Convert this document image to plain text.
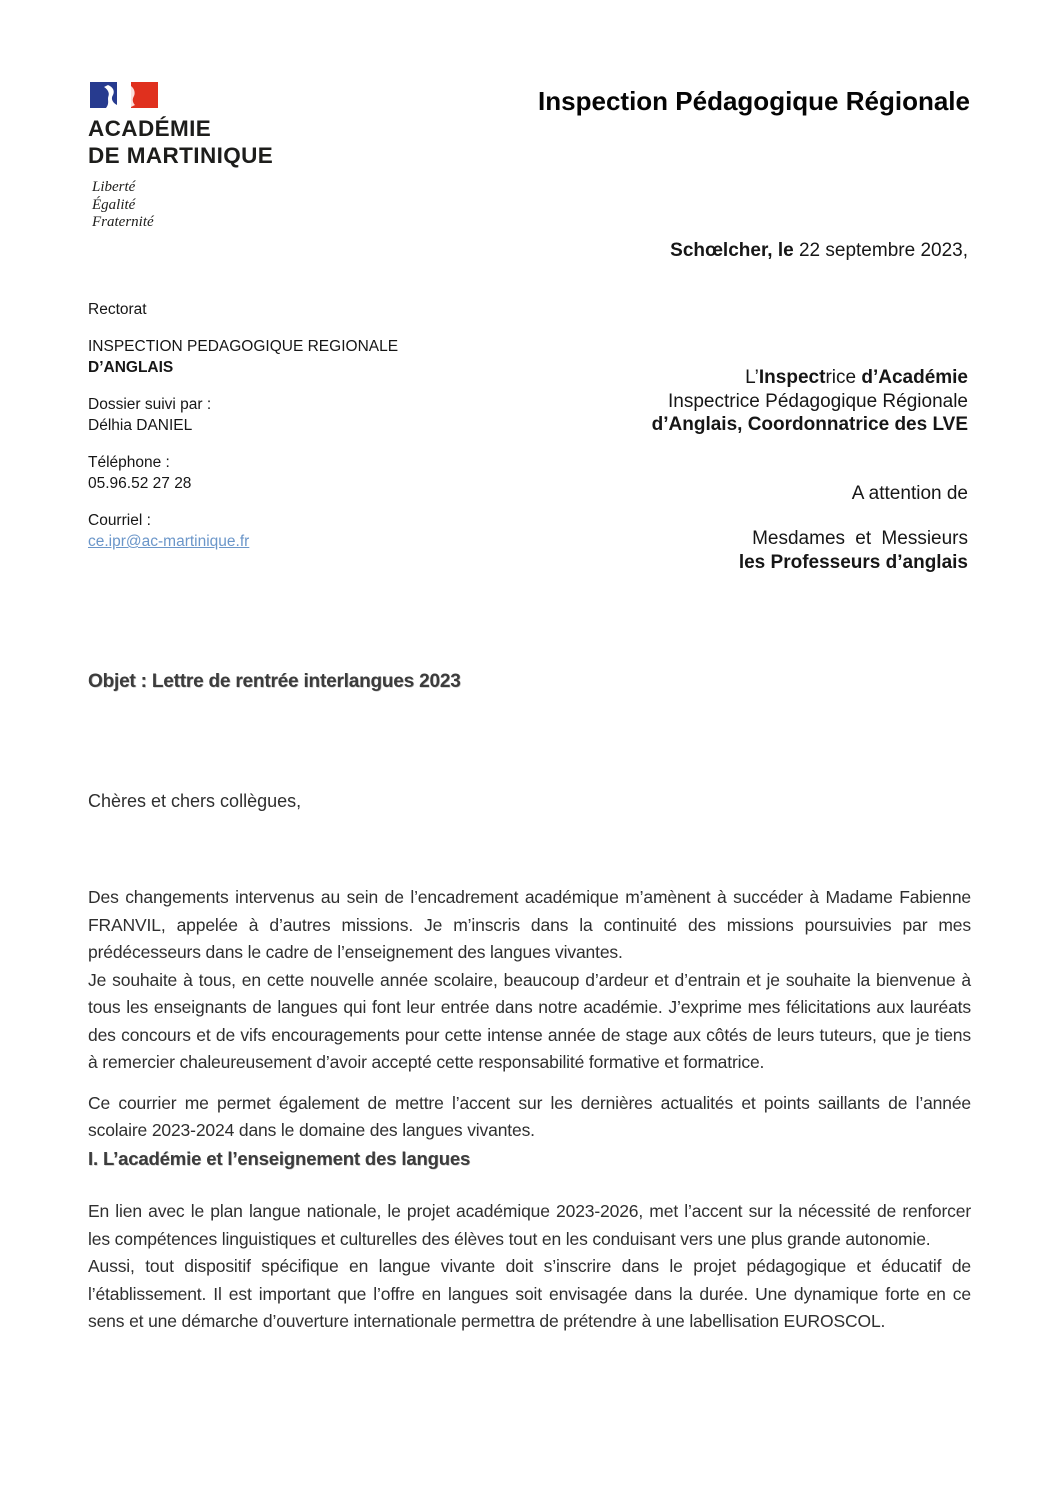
ACADÉMIE
DE MARTINIQUE
Liberté
Égalité
Fraternité
Inspection Pédagogique Régionale
Schœlcher, le 22 septembre 2023,
Rectorat
INSPECTION PEDAGOGIQUE REGIONALE
D’ANGLAIS
Dossier suivi par :
Délhia DANIEL
Téléphone :
05.96.52 27 28
Courriel :
ce.ipr@ac-martinique.fr
L’Inspectrice d’Académie
Inspectrice Pédagogique Régionale
d’Anglais, Coordonnatrice des LVE
A attention de
Mesdames et Messieurs
les Professeurs d’anglais
Objet : Lettre de rentrée interlangues 2023
Chères et chers collègues,

Des changements intervenus au sein de l’encadrement académique m’amènent à succéder à Madame Fabienne FRANVIL, appelée à d’autres missions. Je m’inscris dans la continuité des missions poursuivies par mes prédécesseurs dans le cadre de l’enseignement des langues vivantes.

Je souhaite à tous, en cette nouvelle année scolaire, beaucoup d’ardeur et d’entrain et je souhaite la bienvenue à tous les enseignants de langues qui font leur entrée dans notre académie. J’exprime mes félicitations aux lauréats des concours et de vifs encouragements pour cette intense année de stage aux côtés de leurs tuteurs, que je tiens à remercier chaleureusement d’avoir accepté cette responsabilité formative et formatrice.

Ce courrier me permet également de mettre l’accent sur les dernières actualités et points saillants de l’année scolaire 2023-2024 dans le domaine des langues vivantes.

I. L’académie et l’enseignement des langues

En lien avec le plan langue nationale, le projet académique 2023-2026, met l’accent sur la nécessité de renforcer les compétences linguistiques et culturelles des élèves tout en les conduisant vers une plus grande autonomie.

Aussi, tout dispositif spécifique en langue vivante doit s’inscrire dans le projet pédagogique et éducatif de l’établissement. Il est important que l’offre en langues soit envisagée dans la durée. Une dynamique forte en ce sens et une démarche d’ouverture internationale permettra de prétendre à une labellisation EUROSCOL.
